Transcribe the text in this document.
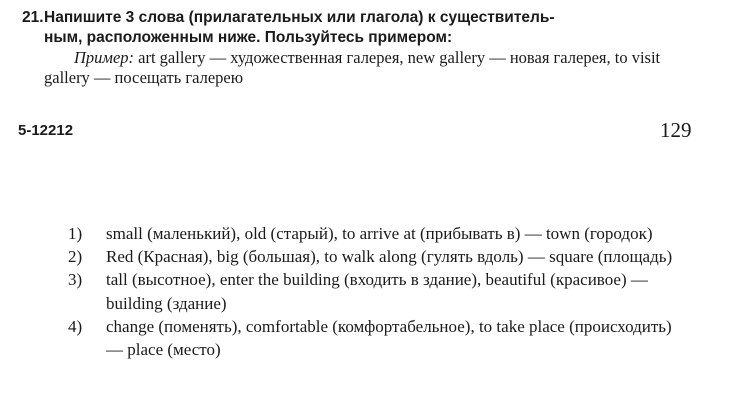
21. Напишите 3 слова (прилагательных или глагола) к существитель-
ным, расположенным ниже. Пользуйтесь примером:
Пример: art gallery — художественная галерея, new gallery — новая галерея, to visit gallery — посещать галерею
5-12212	129
1) small (маленький), old (старый), to arrive at (прибывать в) — town (городок)
2) Red (Красная), big (большая), to walk along (гулять вдоль) — square (площадь)
3) tall (высотное), enter the building (входить в здание), beautiful (красивое) — building (здание)
4) change (поменять), comfortable (комфортабельное), to take place (происходить) — place (место)
